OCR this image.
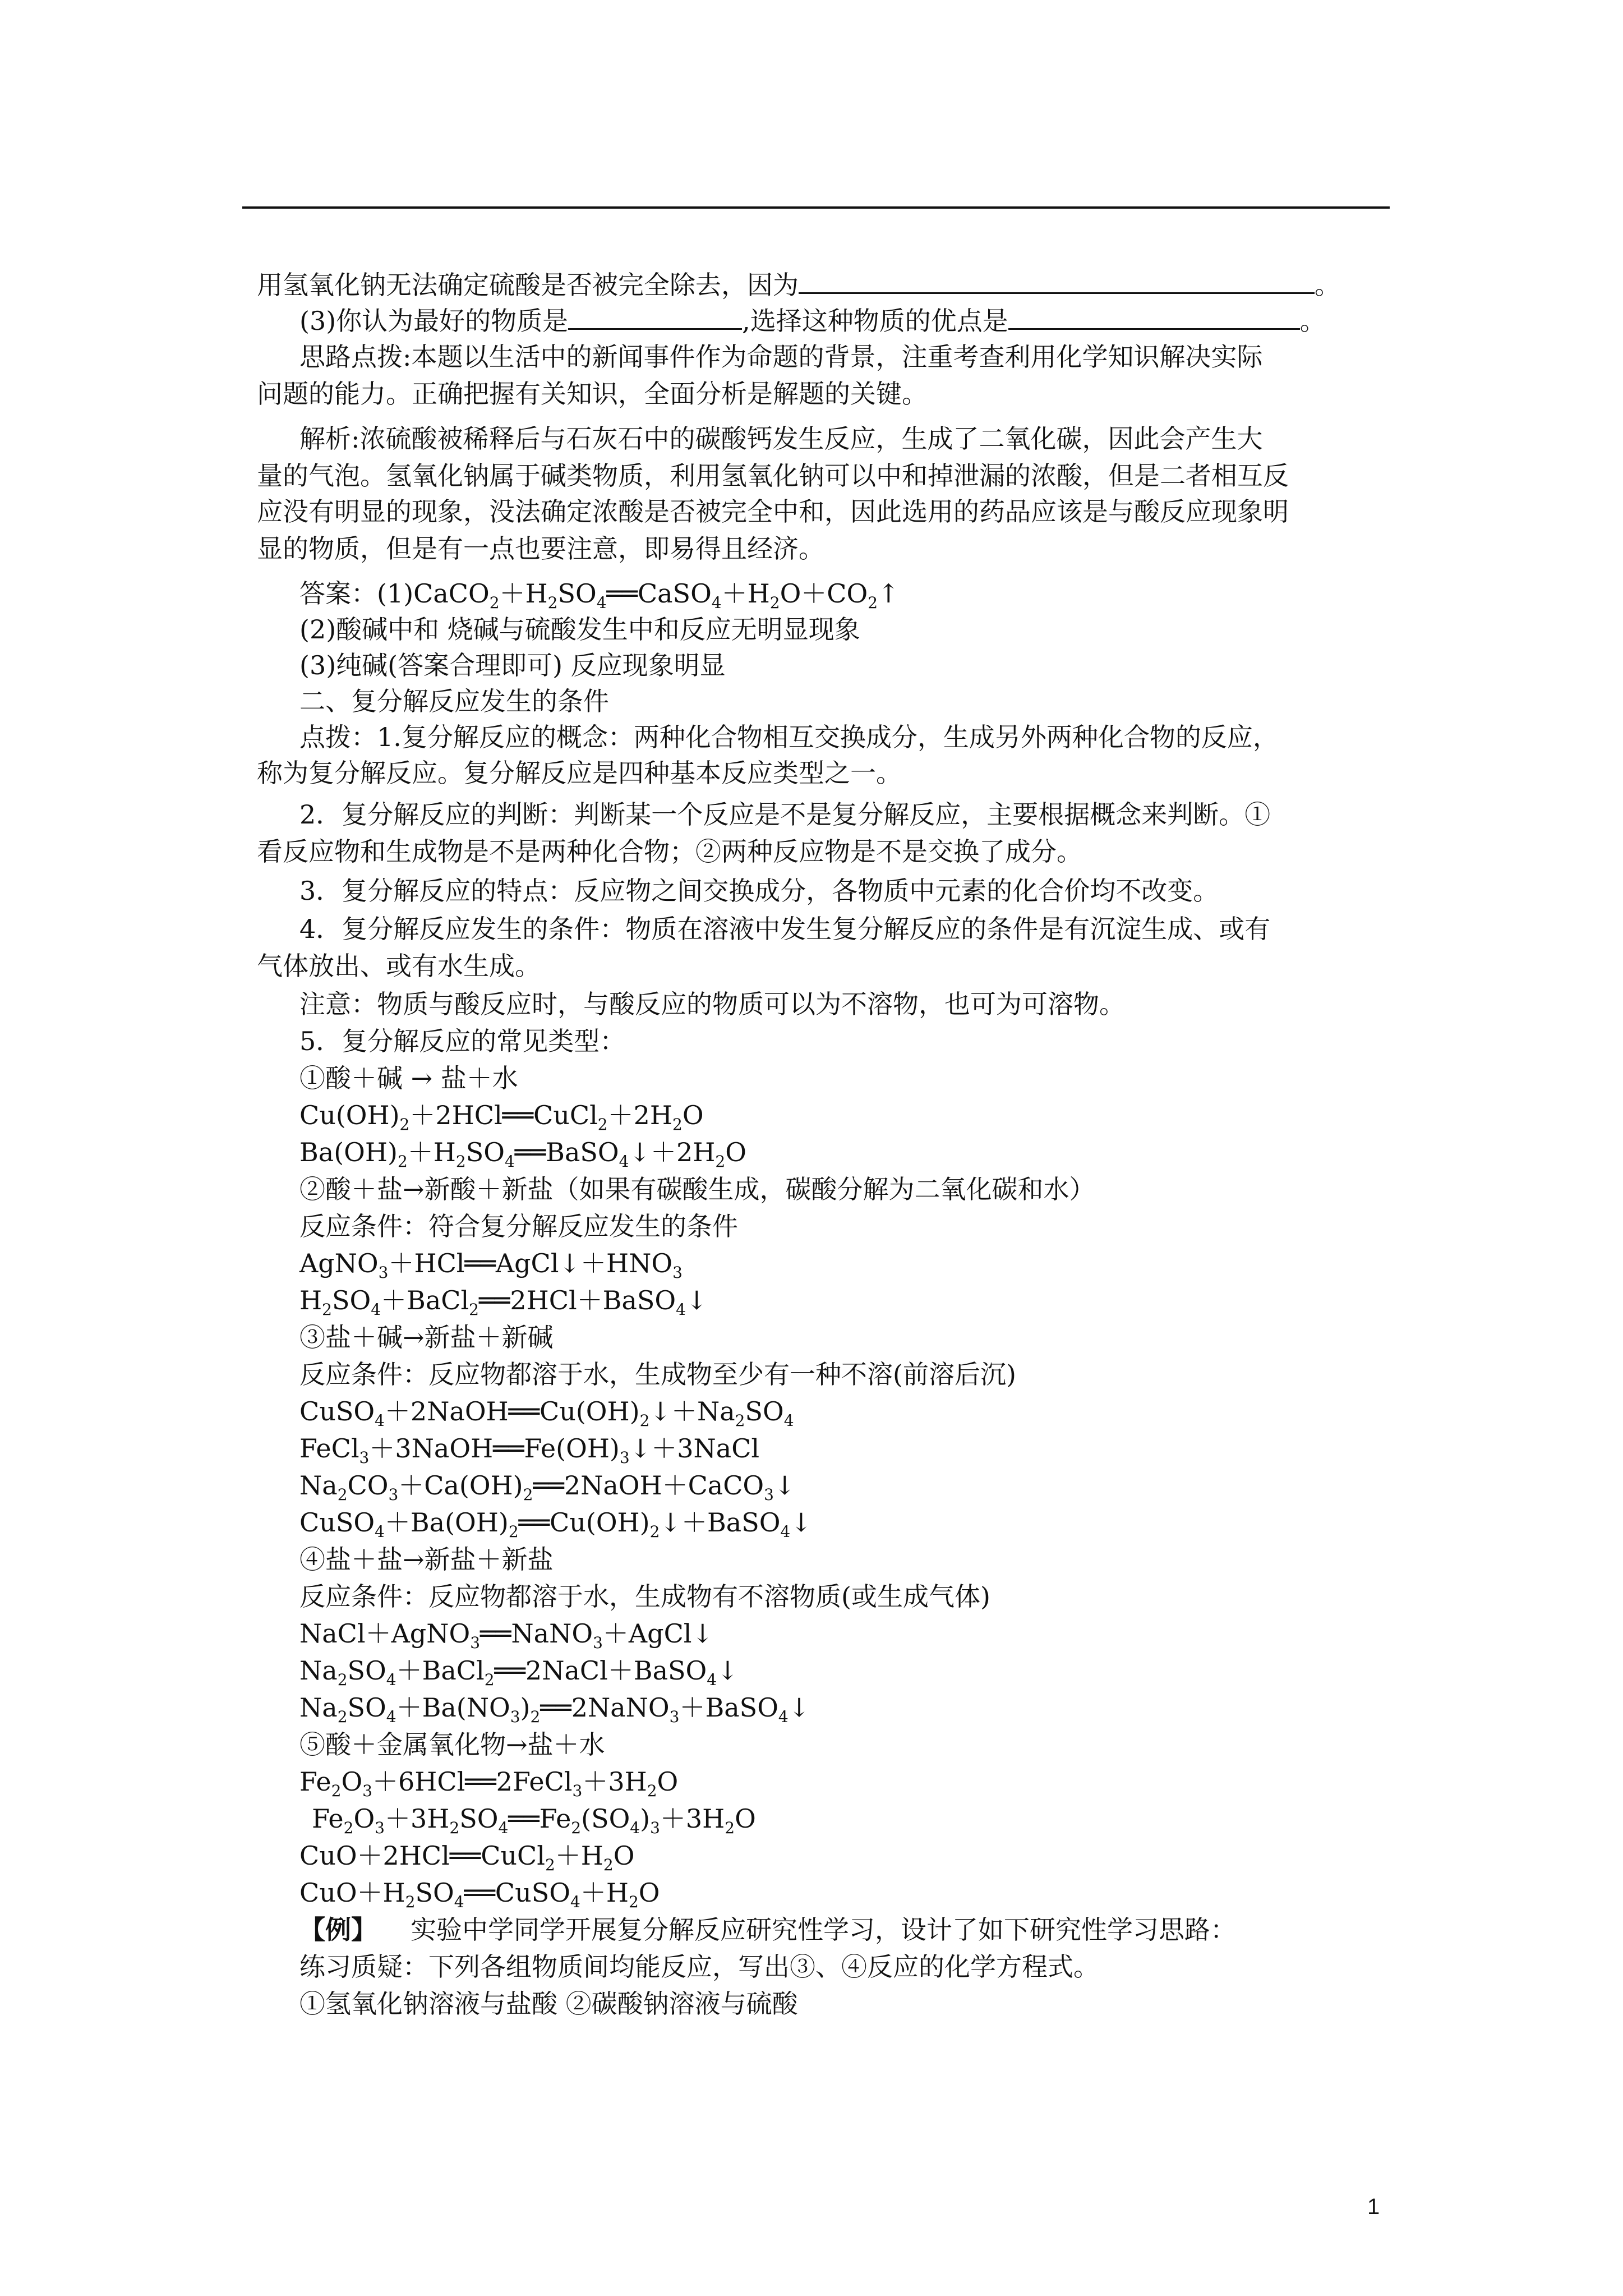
用氢氧化钠无法确定硫酸是否被完全除去，因为	。
(3)你认为最好的物质是	,选择这种物质的优点是	。
思路点拨:本题以生活中的新闻事件作为命题的背景，注重考查利用化学知识解决实际
问题的能力。正确把握有关知识，全面分析是解题的关键。
解析:浓硫酸被稀释后与石灰石中的碳酸钙发生反应，生成了二氧化碳，因此会产生大
量的气泡。氢氧化钠属于碱类物质，利用氢氧化钠可以中和掉泄漏的浓酸，但是二者相互反
应没有明显的现象，没法确定浓酸是否被完全中和，因此选用的药品应该是与酸反应现象明
显的物质，但是有一点也要注意，即易得且经济。
答案：$(1)CaCO_2+H_2SO_4══CaSO_4+H_2O+CO_2↑$
(2)酸碱中和 烧碱与硫酸发生中和反应无明显现象
(3)纯碱(答案合理即可) 反应现象明显
二、复分解反应发生的条件
点拨：1.复分解反应的概念：两种化合物相互交换成分，生成另外两种化合物的反应，
称为复分解反应。复分解反应是四种基本反应类型之一。
2．复分解反应的判断：判断某一个反应是不是复分解反应，主要根据概念来判断。①
看反应物和生成物是不是两种化合物；②两种反应物是不是交换了成分。
3．复分解反应的特点：反应物之间交换成分，各物质中元素的化合价均不改变。
4．复分解反应发生的条件：物质在溶液中发生复分解反应的条件是有沉淀生成、或有
气体放出、或有水生成。
注意：物质与酸反应时，与酸反应的物质可以为不溶物，也可为可溶物。
5．复分解反应的常见类型：
①酸＋碱 → 盐＋水
$Cu(OH)_2+2HCl══CuCl_2+2H_2O$
$Ba(OH)_2+H_2SO_4══BaSO_4↓+2H_2O$
②酸＋盐→新酸＋新盐（如果有碳酸生成，碳酸分解为二氧化碳和水）
反应条件：符合复分解反应发生的条件
$AgNO_3+HCl══AgCl↓+HNO_3$
$H_2SO_4+BaCl_2══2HCl+BaSO_4↓$
③盐＋碱→新盐＋新碱
反应条件：反应物都溶于水，生成物至少有一种不溶(前溶后沉)
$CuSO_4+2NaOH══Cu(OH)_2↓+Na_2SO_4$
$FeCl_3+3NaOH══Fe(OH)_3↓+3NaCl$
$Na_2CO_3+Ca(OH)_2══2NaOH+CaCO_3↓$
$CuSO_4+Ba(OH)_2══Cu(OH)_2↓+BaSO_4↓$
④盐＋盐→新盐＋新盐
反应条件：反应物都溶于水，生成物有不溶物质(或生成气体)
NaCl＋AgNO$_3$══NaNO$_3$＋AgCl↓
$Na_2SO_4+BaCl_2══2NaCl+BaSO_4↓$
$Na_2SO_4+Ba(NO_3)_2══2NaNO_3+BaSO_4↓$
⑤酸＋金属氧化物→盐＋水
$Fe_2O_3+6HCl══2FeCl_3+3H_2O$
$Fe_2O_3+3H_2SO_4══Fe_2(SO_4)_3+3H_2O$
$CuO+2HCl══CuCl_2+H_2O$
$CuO+H_2SO_4══CuSO_4+H_2O$
【例】 实验中学同学开展复分解反应研究性学习，设计了如下研究性学习思路：
练习质疑：下列各组物质间均能反应，写出③、④反应的化学方程式。
①氢氧化钠溶液与盐酸 ②碳酸钠溶液与硫酸
1
